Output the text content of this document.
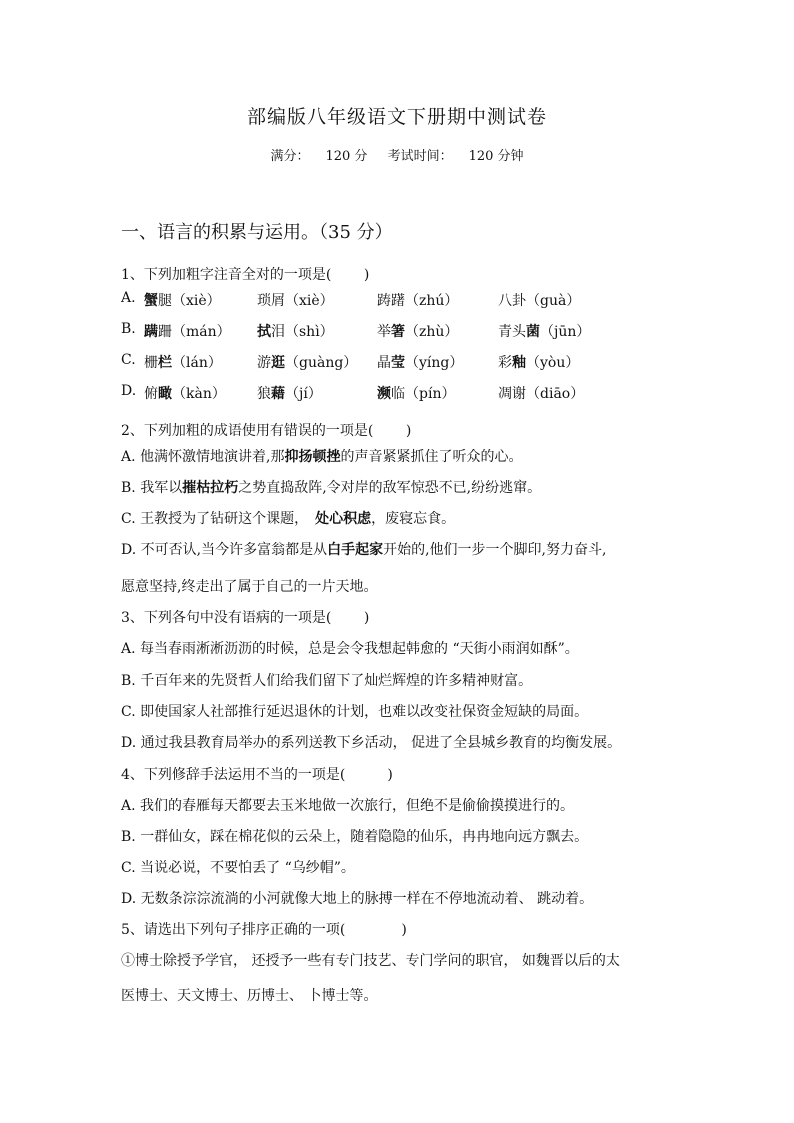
部编版八年级语文下册期中测试卷
满分： 120 分 考试时间： 120 分钟
一、语言的积累与运用。（35 分）
1、下列加粗字注音全对的一项是(　　 )
A. 蟹腿（xiè）	琐屑（xiè）	踌躇（zhú）	八卦（guà）
B. 蹒跚（mán） 拭泪（shì）	举箸（zhù）	青头菌（jūn）
C. 栅栏（lán）	游逛（guàng） 晶莹（yíng） 彩釉（yòu）
D. 俯瞰（kàn） 狼藉（jí）	濒临（pín）	凋谢（diāo）
2、下列加粗的成语使用有错误的一项是(　　 )
A. 他满怀激情地演讲着,那抑扬顿挫的声音紧紧抓住了听众的心。
B. 我军以摧枯拉朽之势直捣敌阵,令对岸的敌军惊恐不已,纷纷逃窜。
C. 王教授为了钻研这个课题，　处心积虑，废寝忘食。
D. 不可否认,当今许多富翁都是从白手起家开始的,他们一步一个脚印,努力奋斗,
愿意坚持,终走出了属于自己的一片天地。
3、下列各句中没有语病的一项是(　　 )
A. 每当春雨淅淅沥沥的时候，总是会令我想起韩愈的 “天街小雨润如酥”。
B. 千百年来的先贤哲人们给我们留下了灿烂辉煌的许多精神财富。
C. 即使国家人社部推行延迟退休的计划，也难以改变社保资金短缺的局面。
D. 通过我县教育局举办的系列送教下乡活动， 促进了全县城乡教育的均衡发展。
4、下列修辞手法运用不当的一项是(　　　)
A. 我们的春雁每天都要去玉米地做一次旅行，但绝不是偷偷摸摸进行的。
B. 一群仙女，踩在棉花似的云朵上，随着隐隐的仙乐，冉冉地向远方飘去。
C. 当说必说，不要怕丢了 “乌纱帽”。
D. 无数条淙淙流淌的小河就像大地上的脉搏一样在不停地流动着、 跳动着。
5、请选出下列句子排序正确的一项(　　　　)
①博士除授予学官， 还授予一些有专门技艺、专门学问的职官， 如魏晋以后的太
医博士、天文博士、历博士、 卜博士等。
